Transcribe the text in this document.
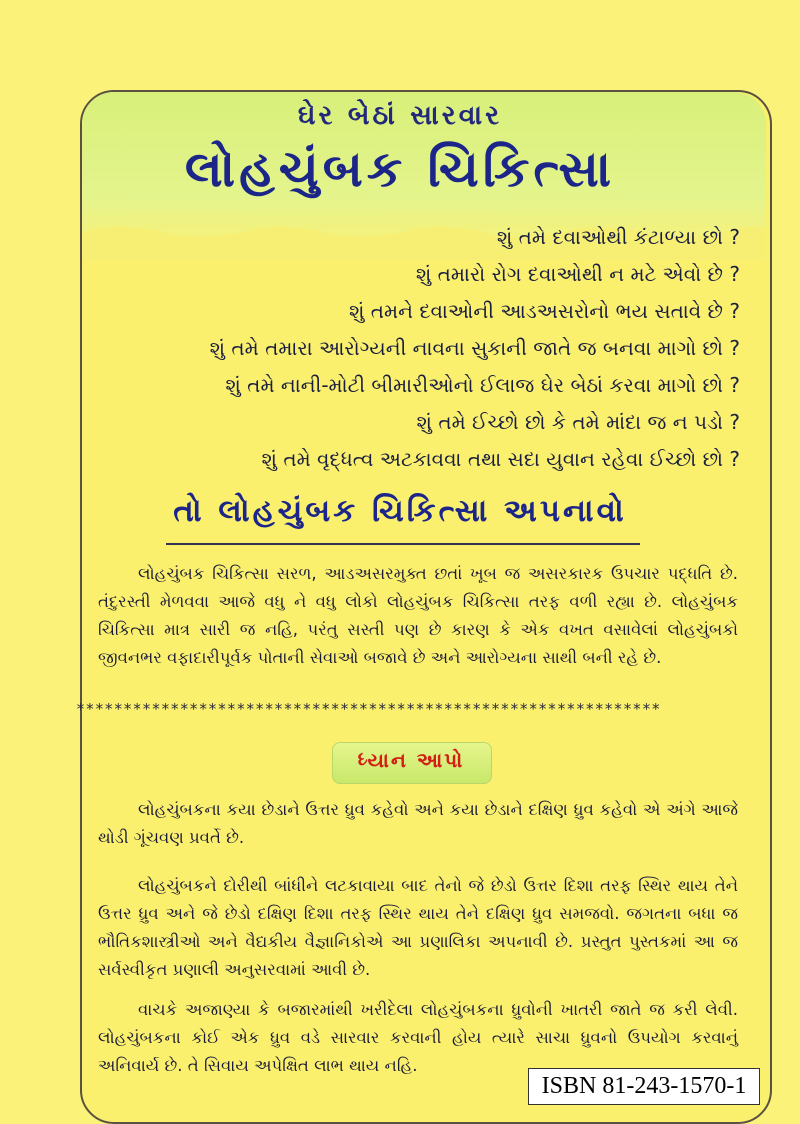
ઘેર બેઠાં સારવાર
લોહચુંબક ચિકિત્સા
શું તમે દવાઓથી કંટાળ્યા છો ?
શું તમારો રોગ દવાઓથી ન મટે એવો છે ?
શું તમને દવાઓની આડઅસરોનો ભય સતાવે છે ?
શું તમે તમારા આરોગ્યની નાવના સુકાની જાતે જ બનવા માગો છો ?
શું તમે નાની-મોટી બીમારીઓનો ઈલાજ ઘેર બેઠાં કરવા માગો છો ?
શું તમે ઈચ્છો છો કે તમે માંદા જ ન પડો ?
શું તમે વૃદ્ધત્વ અટકાવવા તથા સદા યુવાન રહેવા ઈચ્છો છો ?
તો લોહચુંબક ચિકિત્સા અપનાવો
લોહચુંબક ચિકિત્સા સરળ, આડઅસરમુક્ત છતાં ખૂબ જ અસરકારક ઉપચાર પદ્ધતિ છે. તંદુરસ્તી મેળવવા આજે વધુ ને વધુ લોકો લોહચુંબક ચિકિત્સા તરફ વળી રહ્યા છે. લોહચુંબક ચિકિત્સા માત્ર સારી જ નહિ, પરંતુ સસ્તી પણ છે કારણ કે એક વખત વસાવેલાં લોહચુંબકો જીવનભર વફાદારીપૂર્વક પોતાની સેવાઓ બજાવે છે અને આરોગ્યના સાથી બની રહે છે.
**************************************************************
ધ્યાન આપો
લોહચુંબકના કયા છેડાને ઉત્તર ધ્રુવ કહેવો અને કયા છેડાને દક્ષિણ ધ્રુવ કહેવો એ અંગે આજે થોડી ગૂંચવણ પ્રવર્તે છે.
લોહચુંબકને દોરીથી બાંધીને લટકાવાયા બાદ તેનો જે છેડો ઉત્તર દિશા તરફ સ્થિર થાય તેને ઉત્તર ધ્રુવ અને જે છેડો દક્ષિણ દિશા તરફ સ્થિર થાય તેને દક્ષિણ ધ્રુવ સમજવો. જગતના બધા જ ભૌતિકશાસ્ત્રીઓ અને વૈદ્યકીય વૈજ્ઞાનિકોએ આ પ્રણાલિકા અપનાવી છે. પ્રસ્તુત પુસ્તકમાં આ જ સર્વસ્વીકૃત પ્રણાલી અનુસરવામાં આવી છે.
વાચકે અજાણ્યા કે બજારમાંથી ખરીદેલા લોહચુંબકના ધ્રુવોની ખાતરી જાતે જ કરી લેવી. લોહચુંબકના કોઈ એક ધ્રુવ વડે સારવાર કરવાની હોય ત્યારે સાચા ધ્રુવનો ઉપયોગ કરવાનું અનિવાર્ય છે. તે સિવાય અપેક્ષિત લાભ થાય નહિ.
ISBN 81-243-1570-1
